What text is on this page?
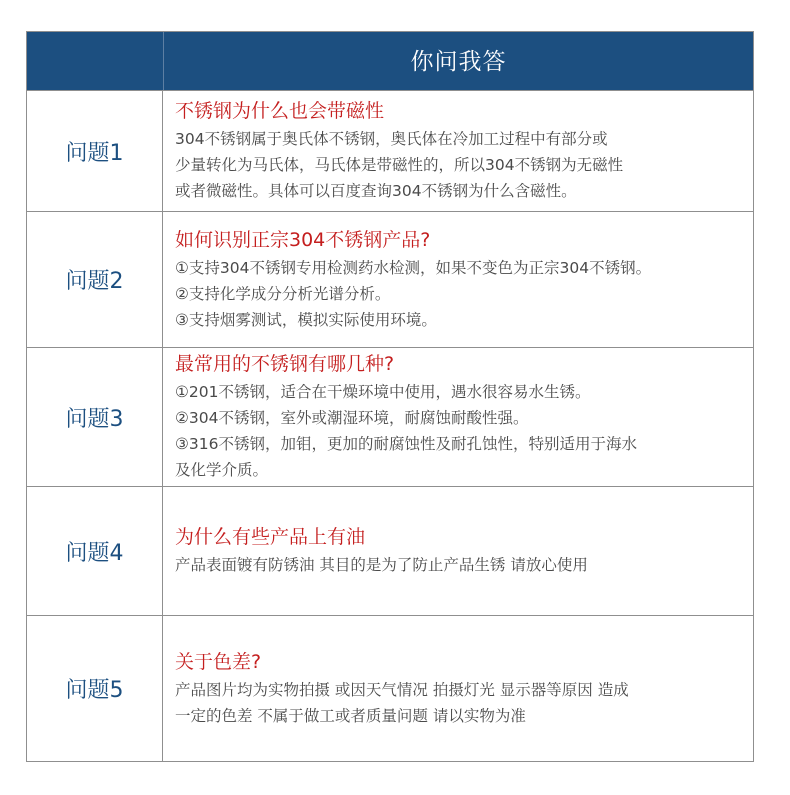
你问我答
问题1
不锈钢为什么也会带磁性
304不锈钢属于奥氏体不锈钢，奥氏体在冷加工过程中有部分或
少量转化为马氏体，马氏体是带磁性的，所以304不锈钢为无磁性
或者微磁性。具体可以百度查询304不锈钢为什么含磁性。
问题2
如何识别正宗304不锈钢产品?
①支持304不锈钢专用检测药水检测，如果不变色为正宗304不锈钢。
②支持化学成分分析光谱分析。
③支持烟雾测试，模拟实际使用环境。
问题3
最常用的不锈钢有哪几种?
①201不锈钢，适合在干燥环境中使用，遇水很容易水生锈。
②304不锈钢，室外或潮湿环境，耐腐蚀耐酸性强。
③316不锈钢，加钼，更加的耐腐蚀性及耐孔蚀性，特别适用于海水
及化学介质。
问题4
为什么有些产品上有油
产品表面镀有防锈油 其目的是为了防止产品生锈 请放心使用
问题5
关于色差?
产品图片均为实物拍摄 或因天气情况 拍摄灯光 显示器等原因 造成
一定的色差 不属于做工或者质量问题 请以实物为准
